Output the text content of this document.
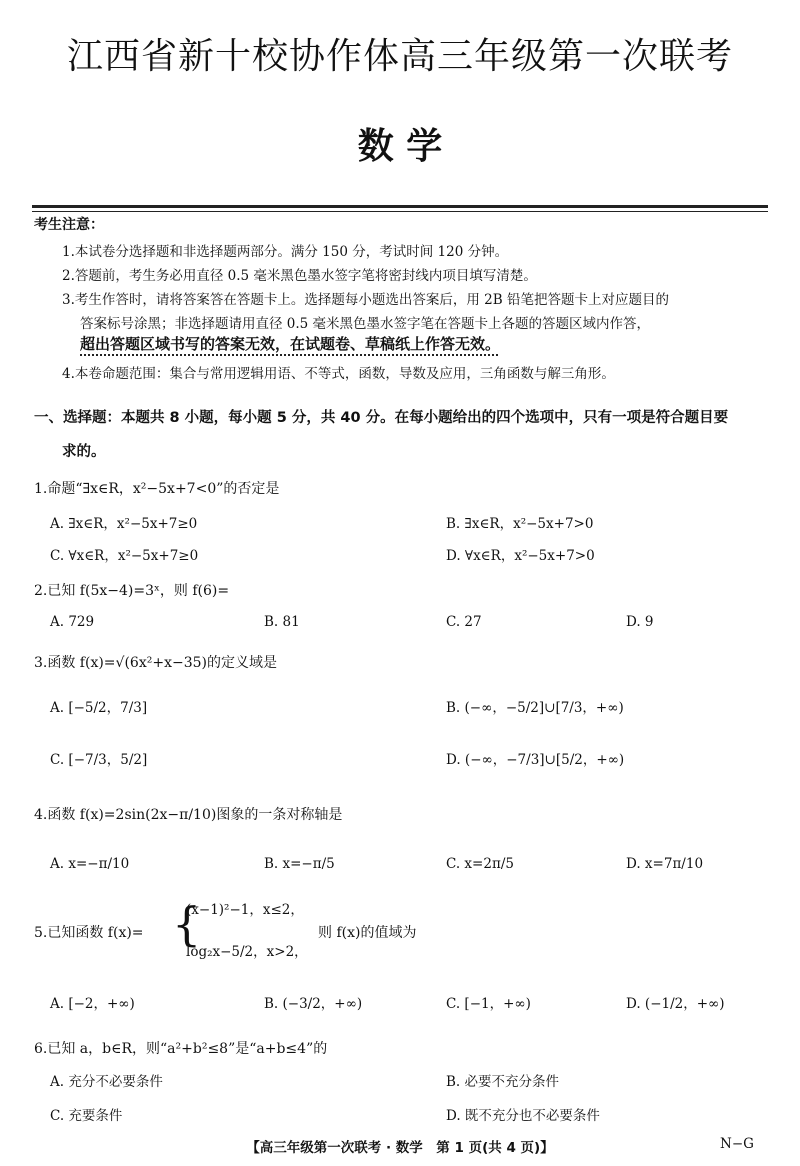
江西省新十校协作体高三年级第一次联考
数 学
考生注意：
1.本试卷分选择题和非选择题两部分。满分 150 分，考试时间 120 分钟。
2.答题前，考生务必用直径 0.5 毫米黑色墨水签字笔将密封线内项目填写清楚。
3.考生作答时，请将答案答在答题卡上。选择题每小题选出答案后，用 2B 铅笔把答题卡上对应题目的
答案标号涂黑；非选择题请用直径 0.5 毫米黑色墨水签字笔在答题卡上各题的答题区域内作答，
超出答题区域书写的答案无效，在试题卷、草稿纸上作答无效。
4.本卷命题范围：集合与常用逻辑用语、不等式，函数，导数及应用，三角函数与解三角形。
一、选择题：本题共 8 小题，每小题 5 分，共 40 分。在每小题给出的四个选项中，只有一项是符合题目要
求的。
1.命题“∃x∈R，x²−5x+7<0”的否定是
A. ∃x∈R，x²−5x+7≥0	B. ∃x∈R，x²−5x+7>0
C. ∀x∈R，x²−5x+7≥0	D. ∀x∈R，x²−5x+7>0
2.已知 f(5x−4)=3ˣ，则 f(6)=
A. 729	B. 81	C. 27	D. 9
3.函数 f(x)=√(6x²+x−35)的定义域是
A. [−5/2，7/3]	B. (−∞，−5/2]∪[7/3，+∞)
C. [−7/3，5/2]	D. (−∞，−7/3]∪[5/2，+∞)
4.函数 f(x)=2sin(2x−π/10)图象的一条对称轴是
A. x=−π/10	B. x=−π/5	C. x=2π/5	D. x=7π/10
5.已知函数 f(x)= {
(x−1)²−1，x≤2，
log₂x−5/2，x>2，
则 f(x)的值域为
A. [−2，+∞)	B. (−3/2，+∞)	C. [−1，+∞)	D. (−1/2，+∞)
6.已知 a，b∈R，则“a²+b²≤8”是“a+b≤4”的
A. 充分不必要条件	B. 必要不充分条件
C. 充要条件	D. 既不充分也不必要条件
【高三年级第一次联考 · 数学　第 1 页(共 4 页)】	N−G
